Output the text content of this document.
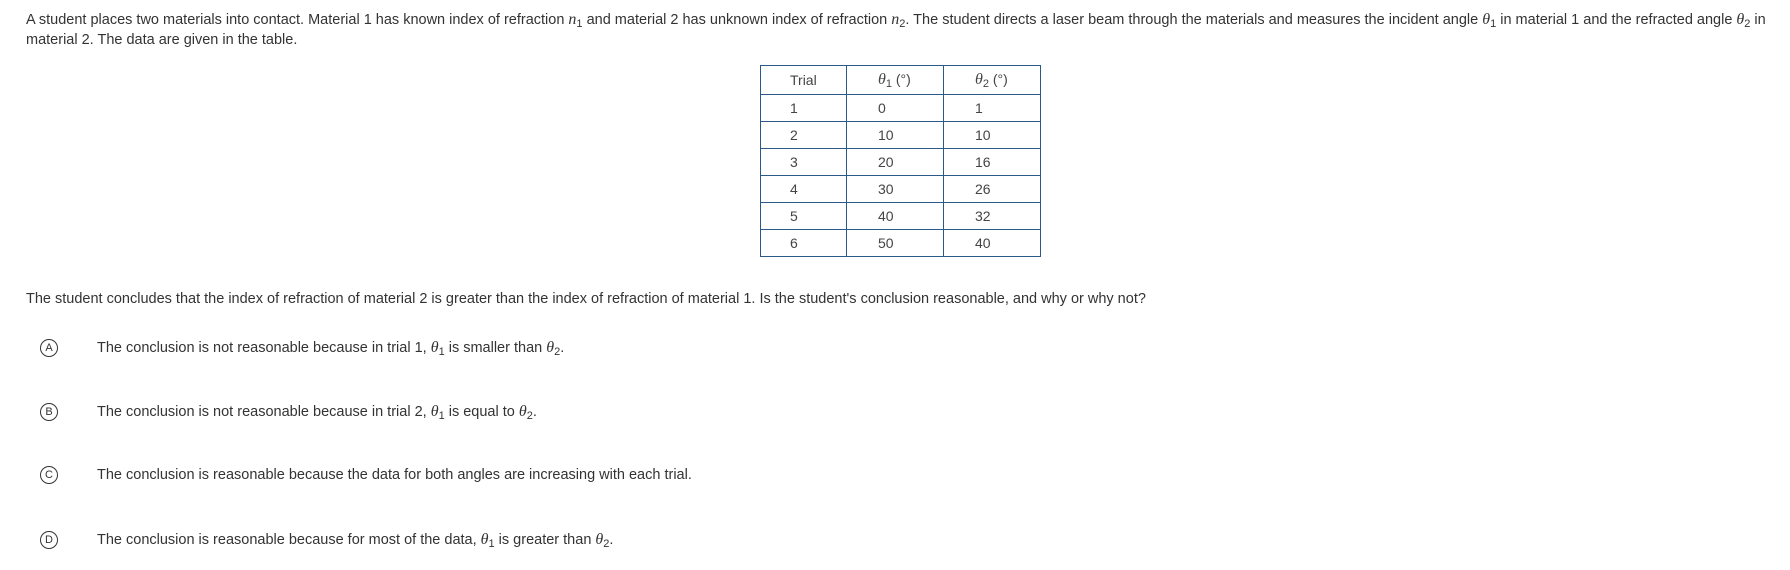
A student places two materials into contact. Material 1 has known index of refraction $n_1$ and material 2 has unknown index of refraction $n_2$. The student directs a laser beam through the materials and measures the incident angle $\theta_1$ in material 1 and the refracted angle $\theta_2$ in material 2. The data are given in the table.
Trial	$\theta_1$ (°)	$\theta_2$ (°)
1	0	1
2	10	10
3	20	16
4	30	26
5	40	32
6	50	40
The student concludes that the index of refraction of material 2 is greater than the index of refraction of material 1. Is the student's conclusion reasonable, and why or why not?
A	The conclusion is not reasonable because in trial 1, $\theta_1$ is smaller than $\theta_2$.
B	The conclusion is not reasonable because in trial 2, $\theta_1$ is equal to $\theta_2$.
C	The conclusion is reasonable because the data for both angles are increasing with each trial.
D	The conclusion is reasonable because for most of the data, $\theta_1$ is greater than $\theta_2$.
